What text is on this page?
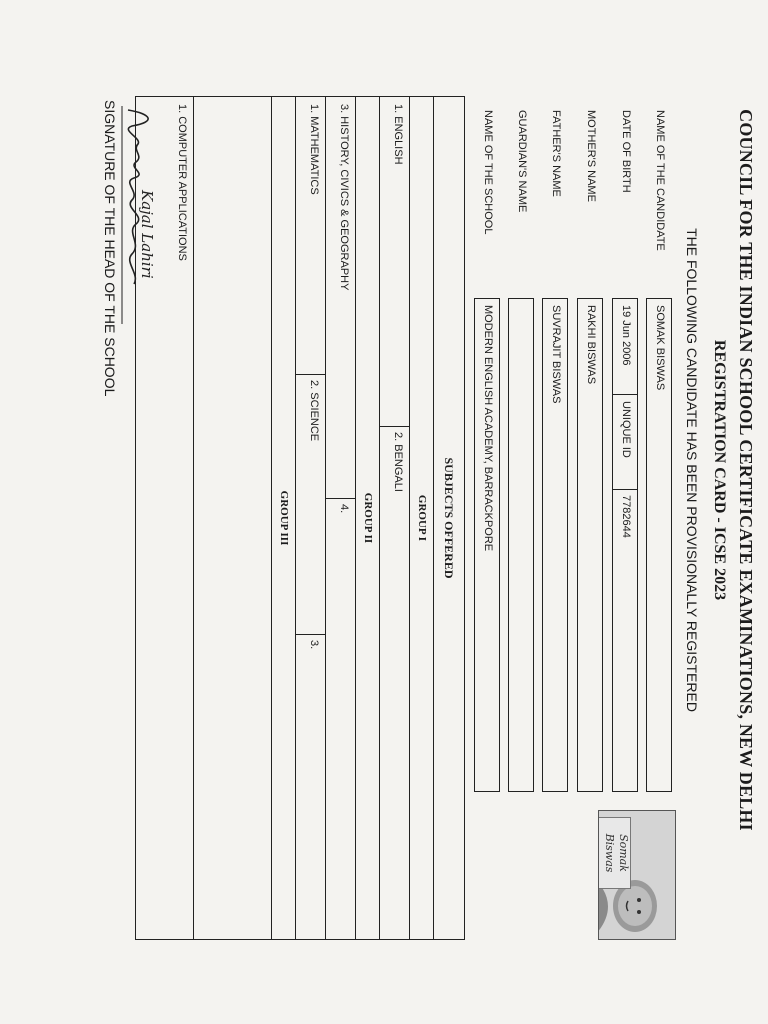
COUNCIL FOR THE INDIAN SCHOOL CERTIFICATE EXAMINATIONS, NEW DELHI
REGISTRATION CARD - ICSE 2023
THE FOLLOWING CANDIDATE HAS BEEN PROVISIONALLY REGISTERED
NAME OF THE CANDIDATE
SOMAK BISWAS
DATE OF BIRTH
19 Jun 2006
UNIQUE ID
7782644
MOTHER'S NAME
RAKHI BISWAS
FATHER'S NAME
SUVRAJIT BISWAS
GUARDIAN'S NAME
NAME OF THE SCHOOL
MODERN ENGLISH ACADEMY, BARRACKPORE
Somak Biswas
SUBJECTS OFFERED
GROUP I
1. ENGLISH
2. BENGALI
GROUP II
3. HISTORY, CIVICS & GEOGRAPHY
4.
1. MATHEMATICS
2. SCIENCE
3.
GROUP III
1. COMPUTER APPLICATIONS
Kajal Lahiri
SIGNATURE OF THE HEAD OF THE SCHOOL
